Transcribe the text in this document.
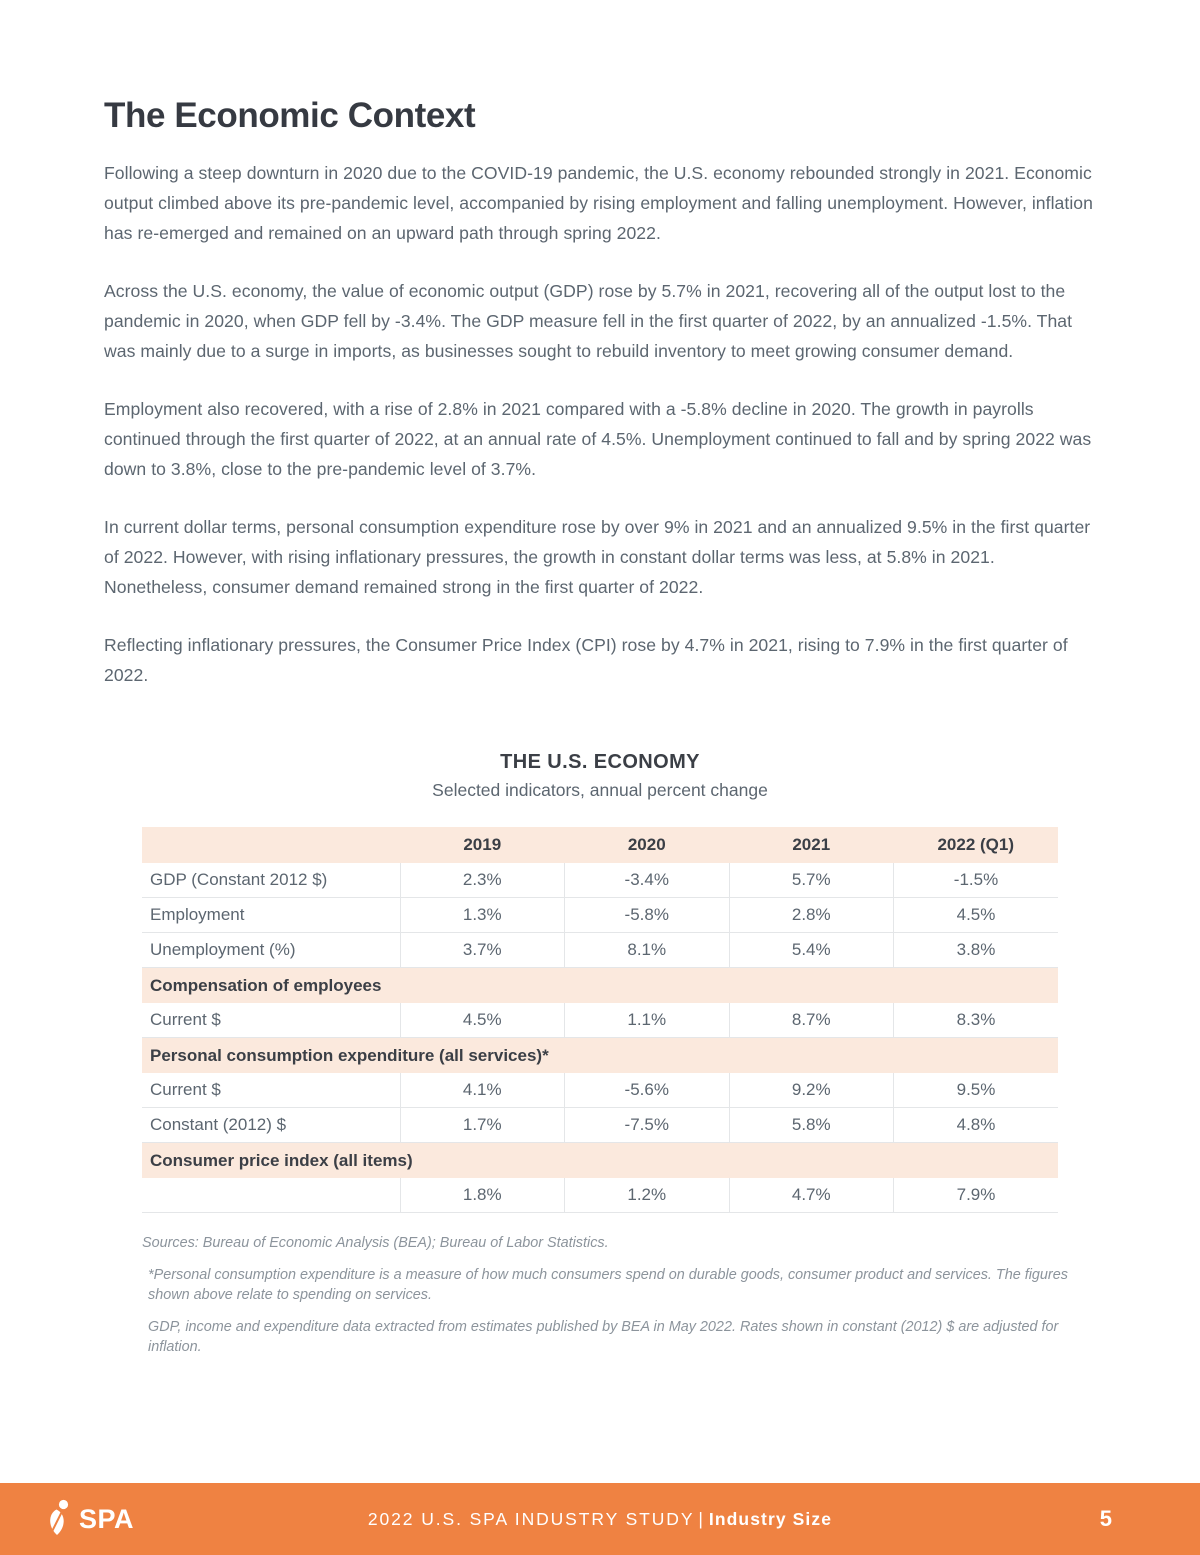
The Economic Context

Following a steep downturn in 2020 due to the COVID-19 pandemic, the U.S. economy rebounded strongly in 2021. Economic output climbed above its pre-pandemic level, accompanied by rising employment and falling unemployment. However, inflation has re-emerged and remained on an upward path through spring 2022.

Across the U.S. economy, the value of economic output (GDP) rose by 5.7% in 2021, recovering all of the output lost to the pandemic in 2020, when GDP fell by -3.4%. The GDP measure fell in the first quarter of 2022, by an annualized -1.5%. That was mainly due to a surge in imports, as businesses sought to rebuild inventory to meet growing consumer demand.

Employment also recovered, with a rise of 2.8% in 2021 compared with a -5.8% decline in 2020. The growth in payrolls continued through the first quarter of 2022, at an annual rate of 4.5%. Unemployment continued to fall and by spring 2022 was down to 3.8%, close to the pre-pandemic level of 3.7%.

In current dollar terms, personal consumption expenditure rose by over 9% in 2021 and an annualized 9.5% in the first quarter of 2022. However, with rising inflationary pressures, the growth in constant dollar terms was less, at 5.8% in 2021. Nonetheless, consumer demand remained strong in the first quarter of 2022.

Reflecting inflationary pressures, the Consumer Price Index (CPI) rose by 4.7% in 2021, rising to 7.9% in the first quarter of 2022.

THE U.S. ECONOMY
Selected indicators, annual percent change
	2019	2020	2021	2022 (Q1)
GDP (Constant 2012 $)	2.3%	-3.4%	5.7%	-1.5%
Employment	1.3%	-5.8%	2.8%	4.5%
Unemployment (%)	3.7%	8.1%	5.4%	3.8%
Compensation of employees				
Current $	4.5%	1.1%	8.7%	8.3%
Personal consumption expenditure (all services)*				
Current $	4.1%	-5.6%	9.2%	9.5%
Constant (2012) $	1.7%	-7.5%	5.8%	4.8%
Consumer price index (all items)				
	1.8%	1.2%	4.7%	7.9%

Sources: Bureau of Economic Analysis (BEA); Bureau of Labor Statistics.

*Personal consumption expenditure is a measure of how much consumers spend on durable goods, consumer product and services. The figures shown above relate to spending on services.

GDP, income and expenditure data extracted from estimates published by BEA in May 2022. Rates shown in constant (2012) $ are adjusted for inflation.

SPA	2022 U.S. SPA INDUSTRY STUDY | Industry Size	5
